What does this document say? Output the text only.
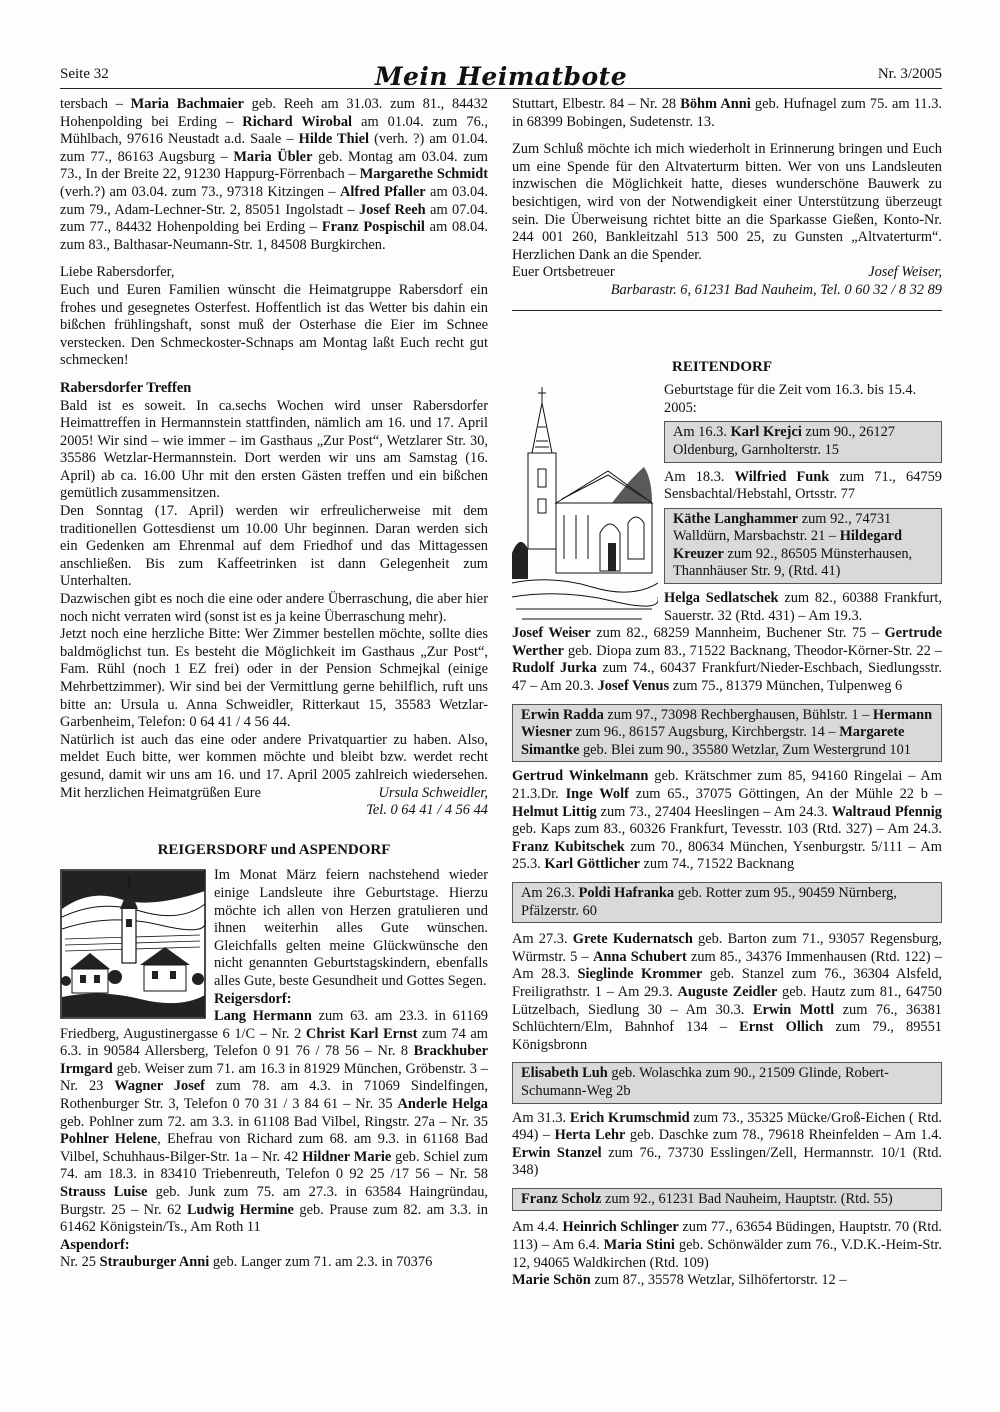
Seite 32	Mein Heimatbote	Nr. 3/2005

tersbach – Maria Bachmaier geb. Reeh am 31.03. zum 81., 84432 Hohenpolding bei Erding – Richard Wirobal am 01.04. zum 76., Mühlbach, 97616 Neustadt a.d. Saale – Hilde Thiel (verh. ?) am 01.04. zum 77., 86163 Augsburg – Maria Übler geb. Montag am 03.04. zum 73., In der Breite 22, 91230 Happurg-Förrenbach – Margarethe Schmidt (verh.?) am 03.04. zum 73., 97318 Kitzingen – Alfred Pfaller am 03.04. zum 79., Adam-Lechner-Str. 2, 85051 Ingolstadt – Josef Reeh am 07.04. zum 77., 84432 Hohenpolding bei Erding – Franz Pospischil am 08.04. zum 83., Balthasar-Neumann-Str. 1, 84508 Burgkirchen.

Liebe Rabersdorfer,

Euch und Euren Familien wünscht die Heimatgruppe Rabersdorf ein frohes und gesegnetes Osterfest. Hoffentlich ist das Wetter bis dahin ein bißchen frühlingshaft, sonst muß der Osterhase die Eier im Schnee verstecken. Den Schmeckoster-Schnaps am Montag laßt Euch recht gut schmecken!

Rabersdorfer Treffen

Bald ist es soweit. In ca.sechs Wochen wird unser Rabersdorfer Heimattreffen in Hermannstein stattfinden, nämlich am 16. und 17. April 2005! Wir sind – wie immer – im Gasthaus „Zur Post“, Wetzlarer Str. 30, 35586 Wetzlar-Hermannstein. Dort werden wir uns am Samstag (16. April) ab ca. 16.00 Uhr mit den ersten Gästen treffen und ein bißchen gemütlich zusammensitzen.

Den Sonntag (17. April) werden wir erfreulicherweise mit dem traditionellen Gottesdienst um 10.00 Uhr beginnen. Daran werden sich ein Gedenken am Ehrenmal auf dem Friedhof und das Mittagessen anschließen. Bis zum Kaffeetrinken ist dann Gelegenheit zum Unterhalten.

Dazwischen gibt es noch die eine oder andere Überraschung, die aber hier noch nicht verraten wird (sonst ist es ja keine Überraschung mehr).

Jetzt noch eine herzliche Bitte: Wer Zimmer bestellen möchte, sollte dies baldmöglichst tun. Es besteht die Möglichkeit im Gasthaus „Zur Post“, Fam. Rühl (noch 1 EZ frei) oder in der Pension Schmejkal (einige Mehrbettzimmer). Wir sind bei der Vermittlung gerne behilflich, ruft uns bitte an: Ursula u. Anna Schweidler, Ritterkaut 15, 35583 Wetzlar-Garbenheim, Telefon: 0 64 41 / 4 56 44.

Natürlich ist auch das eine oder andere Privatquartier zu haben. Also, meldet Euch bitte, wer kommen möchte und bleibt bzw. werdet recht gesund, damit wir uns am 16. und 17. April 2005 zahlreich wiedersehen. Mit herzlichen Heimatgrüßen Eure	Ursula Schweidler,

Tel. 0 64 41 / 4 56 44

REIGERSDORF und ASPENDORF

Im Monat März feiern nachstehend wieder einige Landsleute ihre Geburtstage. Hierzu möchte ich allen von Herzen gratulieren und ihnen weiterhin alles Gute wünschen. Gleichfalls gelten meine Glückwünsche den nicht genannten Geburtstagskindern, ebenfalls alles Gute, beste Gesundheit und Gottes Segen.

Reigersdorf:

Lang Hermann zum 63. am 23.3. in 61169 Friedberg, Augustinergasse 6 1/C – Nr. 2 Christ Karl Ernst zum 74 am 6.3. in 90584 Allersberg, Telefon 0 91 76 / 78 56 – Nr. 8 Brackhuber Irmgard geb. Weiser zum 71. am 16.3 in 81929 München, Gröbenstr. 3 – Nr. 23 Wagner Josef zum 78. am 4.3. in 71069 Sindelfingen, Rothenburger Str. 3, Telefon 0 70 31 / 3 84 61 – Nr. 35 Anderle Helga geb. Pohlner zum 72. am 3.3. in 61108 Bad Vilbel, Ringstr. 27a – Nr. 35 Pohlner Helene, Ehefrau von Richard zum 68. am 9.3. in 61168 Bad Vilbel, Schuhhaus-Bilger-Str. 1a – Nr. 42 Hildner Marie geb. Schiel zum 74. am 18.3. in 83410 Triebenreuth, Telefon 0 92 25 /17 56 – Nr. 58 Strauss Luise geb. Junk zum 75. am 27.3. in 63584 Haingründau, Burgstr. 25 – Nr. 62 Ludwig Hermine geb. Prause zum 82. am 3.3. in 61462 Königstein/Ts., Am Roth 11

Aspendorf:

Nr. 25 Strauburger Anni geb. Langer zum 71. am 2.3. in 70376

Stuttart, Elbestr. 84 – Nr. 28 Böhm Anni geb. Hufnagel zum 75. am 11.3. in 68399 Bobingen, Sudetenstr. 13.

Zum Schluß möchte ich mich wiederholt in Erinnerung bringen und Euch um eine Spende für den Altvaterturm bitten. Wer von uns Landsleuten inzwischen die Möglichkeit hatte, dieses wunderschöne Bauwerk zu besichtigen, wird von der Notwendigkeit einer Unterstützung überzeugt sein. Die Überweisung richtet bitte an die Sparkasse Gießen, Konto-Nr. 244 001 260, Bankleitzahl 513 500 25, zu Gunsten „Altvaterturm“. Herzlichen Dank an die Spender.

Euer Ortsbetreuer	Josef Weiser,

Barbarastr. 6, 61231 Bad Nauheim, Tel. 0 60 32 / 8 32 89

REITENDORF

Geburtstage für die Zeit vom 16.3. bis 15.4. 2005:

Am 16.3. Karl Krejci zum 90., 26127 Oldenburg, Garnholterstr. 15

Am 18.3. Wilfried Funk zum 71., 64759 Sensbachtal/Hebstahl, Ortsstr. 77

Käthe Langhammer zum 92., 74731 Walldürn, Marsbachstr. 21 – Hildegard Kreuzer zum 92., 86505 Münsterhausen, Thannhäuser Str. 9, (Rtd. 41)

Helga Sedlatschek zum 82., 60388 Frankfurt, Sauerstr. 32 (Rtd. 431) – Am 19.3.

Josef Weiser zum 82., 68259 Mannheim, Buchener Str. 75 – Gertrude Werther geb. Diopa zum 83., 71522 Backnang, Theodor-Körner-Str. 22 – Rudolf Jurka zum 74., 60437 Frankfurt/Nieder-Eschbach, Siedlungsstr. 47 – Am 20.3. Josef Venus zum 75., 81379 München, Tulpenweg 6

Erwin Radda zum 97., 73098 Rechberghausen, Bühlstr. 1 – Hermann Wiesner zum 96., 86157 Augsburg, Kirchbergstr. 14 – Margarete Simantke geb. Blei zum 90., 35580 Wetzlar, Zum Westergrund 101

Gertrud Winkelmann geb. Krätschmer zum 85, 94160 Ringelai – Am 21.3.Dr. Inge Wolf zum 65., 37075 Göttingen, An der Mühle 22 b – Helmut Littig zum 73., 27404 Heeslingen – Am 24.3. Waltraud Pfennig geb. Kaps zum 83., 60326 Frankfurt, Tevesstr. 103 (Rtd. 327) – Am 24.3. Franz Kubitschek zum 70., 80634 München, Ysenburgstr. 5/111 – Am 25.3. Karl Göttlicher zum 74., 71522 Backnang

Am 26.3. Poldi Hafranka geb. Rotter zum 95., 90459 Nürnberg, Pfälzerstr. 60

Am 27.3. Grete Kudernatsch geb. Barton zum 71., 93057 Regensburg, Würmstr. 5 – Anna Schubert zum 85., 34376 Immenhausen (Rtd. 122) – Am 28.3. Sieglinde Krommer geb. Stanzel zum 76., 36304 Alsfeld, Freiligrathstr. 1 – Am 29.3. Auguste Zeidler geb. Hautz zum 81., 64750 Lützelbach, Siedlung 30 – Am 30.3. Erwin Mottl zum 76., 36381 Schlüchtern/Elm, Bahnhof 134 – Ernst Ollich zum 79., 89551 Königsbronn

Elisabeth Luh geb. Wolaschka zum 90., 21509 Glinde, Robert-Schumann-Weg 2b

Am 31.3. Erich Krumschmid zum 73., 35325 Mücke/Groß-Eichen ( Rtd. 494) – Herta Lehr geb. Daschke zum 78., 79618 Rheinfelden – Am 1.4. Erwin Stanzel zum 76., 73730 Esslingen/Zell, Hermannstr. 10/1 (Rtd. 348)

Franz Scholz zum 92., 61231 Bad Nauheim, Hauptstr. (Rtd. 55)

Am 4.4. Heinrich Schlinger zum 77., 63654 Büdingen, Hauptstr. 70 (Rtd. 113) – Am 6.4. Maria Stini geb. Schönwälder zum 76., V.D.K.-Heim-Str. 12, 94065 Waldkirchen (Rtd. 109)

Marie Schön zum 87., 35578 Wetzlar, Silhöfertorstr. 12 –
